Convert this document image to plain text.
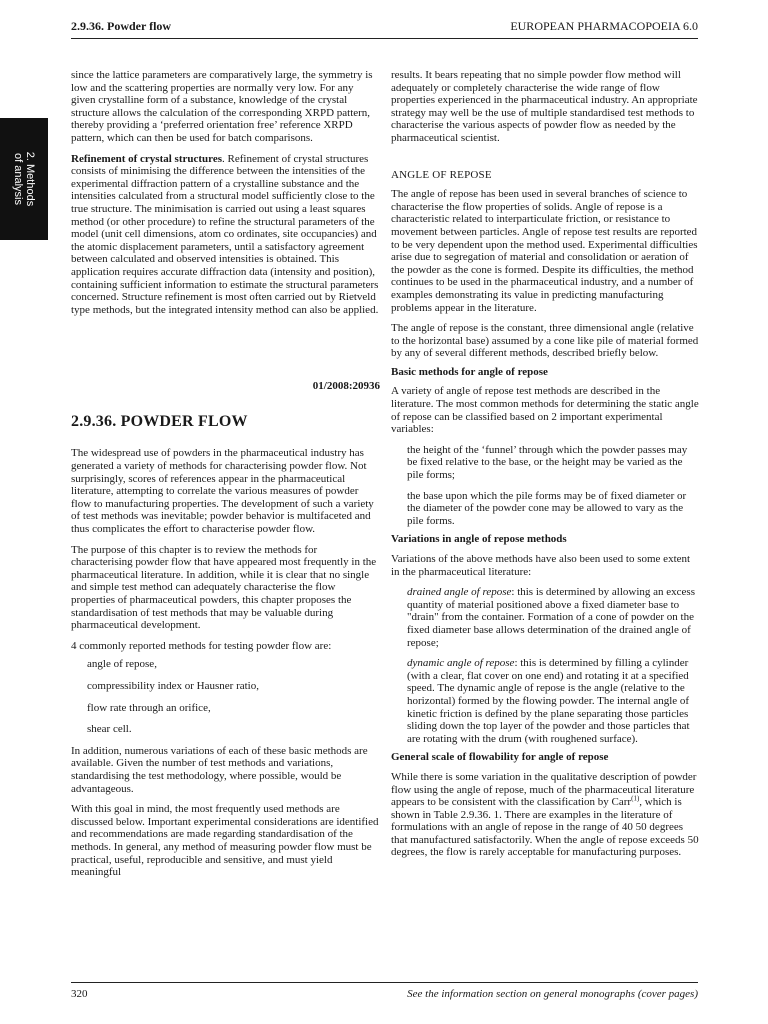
2.9.36. Powder flow	EUROPEAN PHARMACOPOEIA 6.0
2. Methods
of analysis

since the lattice parameters are comparatively large, the symmetry is low and the scattering properties are normally very low. For any given crystalline form of a substance, knowledge of the crystal structure allows the calculation of the corresponding XRPD pattern, thereby providing a ‘preferred orientation free’ reference XRPD pattern, which can then be used for batch comparisons.

Refinement of crystal structures. Refinement of crystal structures consists of minimising the difference between the intensities of the experimental diffraction pattern of a crystalline substance and the intensities calculated from a structural model sufficiently close to the true structure. The minimisation is carried out using a least squares method (or other procedure) to refine the structural parameters of the model (unit cell dimensions, atom co ordinates, site occupancies) and the atomic displacement parameters, until a satisfactory agreement between calculated and observed intensities is obtained. This application requires accurate diffraction data (intensity and position), containing sufficient information to estimate the structural parameters concerned. Structure refinement is most often carried out by Rietveld type methods, but the integrated intensity method can also be applied.

01/2008:20936
2.9.36. POWDER FLOW

The widespread use of powders in the pharmaceutical industry has generated a variety of methods for characterising powder flow. Not surprisingly, scores of references appear in the pharmaceutical literature, attempting to correlate the various measures of powder flow to manufacturing properties. The development of such a variety of test methods was inevitable; powder behavior is multifaceted and thus complicates the effort to characterise powder flow.

The purpose of this chapter is to review the methods for characterising powder flow that have appeared most frequently in the pharmaceutical literature. In addition, while it is clear that no single and simple test method can adequately characterise the flow properties of pharmaceutical powders, this chapter proposes the standardisation of test methods that may be valuable during pharmaceutical development.

4 commonly reported methods for testing powder flow are:

angle of repose,
compressibility index or Hausner ratio,
flow rate through an orifice,
shear cell.

In addition, numerous variations of each of these basic methods are available. Given the number of test methods and variations, standardising the test methodology, where possible, would be advantageous.

With this goal in mind, the most frequently used methods are discussed below. Important experimental considerations are identified and recommendations are made regarding standardisation of the methods. In general, any method of measuring powder flow must be practical, useful, reproducible and sensitive, and must yield meaningful

results. It bears repeating that no simple powder flow method will adequately or completely characterise the wide range of flow properties experienced in the pharmaceutical industry. An appropriate strategy may well be the use of multiple standardised test methods to characterise the various aspects of powder flow as needed by the pharmaceutical scientist.

ANGLE OF REPOSE

The angle of repose has been used in several branches of science to characterise the flow properties of solids. Angle of repose is a characteristic related to interparticulate friction, or resistance to movement between particles. Angle of repose test results are reported to be very dependent upon the method used. Experimental difficulties arise due to segregation of material and consolidation or aeration of the powder as the cone is formed. Despite its difficulties, the method continues to be used in the pharmaceutical industry, and a number of examples demonstrating its value in predicting manufacturing problems appear in the literature.

The angle of repose is the constant, three dimensional angle (relative to the horizontal base) assumed by a cone like pile of material formed by any of several different methods, described briefly below.

Basic methods for angle of repose

A variety of angle of repose test methods are described in the literature. The most common methods for determining the static angle of repose can be classified based on 2 important experimental variables:

the height of the ‘funnel’ through which the powder passes may be fixed relative to the base, or the height may be varied as the pile forms;

the base upon which the pile forms may be of fixed diameter or the diameter of the powder cone may be allowed to vary as the pile forms.

Variations in angle of repose methods

Variations of the above methods have also been used to some extent in the pharmaceutical literature:

drained angle of repose: this is determined by allowing an excess quantity of material positioned above a fixed diameter base to "drain" from the container. Formation of a cone of powder on the fixed diameter base allows determination of the drained angle of repose;

dynamic angle of repose: this is determined by filling a cylinder (with a clear, flat cover on one end) and rotating it at a specified speed. The dynamic angle of repose is the angle (relative to the horizontal) formed by the flowing powder. The internal angle of kinetic friction is defined by the plane separating those particles sliding down the top layer of the powder and those particles that are rotating with the drum (with roughened surface).

General scale of flowability for angle of repose

While there is some variation in the qualitative description of powder flow using the angle of repose, much of the pharmaceutical literature appears to be consistent with the classification by Carr$^{(1)}$, which is shown in Table 2.9.36. 1. There are examples in the literature of formulations with an angle of repose in the range of 40 50 degrees that manufactured satisfactorily. When the angle of repose exceeds 50 degrees, the flow is rarely acceptable for manufacturing purposes.

320	See the information section on general monographs (cover pages)
